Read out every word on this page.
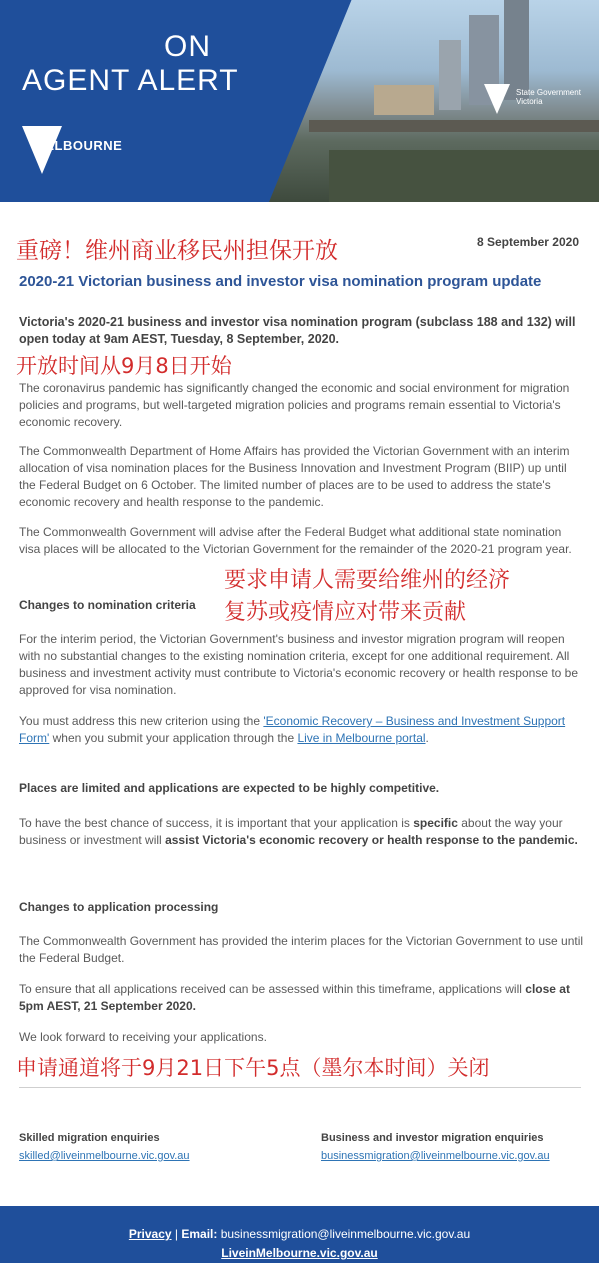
ON
AGENT ALERT
MELBOURNE
State Government Victoria
重磅！维州商业移民州担保开放	8 September 2020
2020-21 Victorian business and investor visa nomination program update

Victoria's 2020-21 business and investor visa nomination program (subclass 188 and 132) will open today at 9am AEST, Tuesday, 8 September, 2020.

开放时间从9月8日开始

The coronavirus pandemic has significantly changed the economic and social environment for migration policies and programs, but well-targeted migration policies and programs remain essential to Victoria's economic recovery.

The Commonwealth Department of Home Affairs has provided the Victorian Government with an interim allocation of visa nomination places for the Business Innovation and Investment Program (BIIP) up until the Federal Budget on 6 October. The limited number of places are to be used to address the state's economic recovery and health response to the pandemic.

The Commonwealth Government will advise after the Federal Budget what additional state nomination visa places will be allocated to the Victorian Government for the remainder of the 2020-21 program year.

要求申请人需要给维州的经济
复苏或疫情应对带来贡献
Changes to nomination criteria

For the interim period, the Victorian Government's business and investor migration program will reopen with no substantial changes to the existing nomination criteria, except for one additional requirement. All business and investment activity must contribute to Victoria's economic recovery or health response to be approved for visa nomination.

You must address this new criterion using the 'Economic Recovery – Business and Investment Support Form' when you submit your application through the Live in Melbourne portal.

Places are limited and applications are expected to be highly competitive.

To have the best chance of success, it is important that your application is specific about the way your business or investment will assist Victoria's economic recovery or health response to the pandemic.

Changes to application processing

The Commonwealth Government has provided the interim places for the Victorian Government to use until the Federal Budget.

To ensure that all applications received can be assessed within this timeframe, applications will close at 5pm AEST, 21 September 2020.

We look forward to receiving your applications.

申请通道将于9月21日下午5点（墨尔本时间）关闭
Skilled migration enquiries
skilled@liveinmelbourne.vic.gov.au
Business and investor migration enquiries
businessmigration@liveinmelbourne.vic.gov.au
Privacy | Email: businessmigration@liveinmelbourne.vic.gov.au
LiveinMelbourne.vic.gov.au
